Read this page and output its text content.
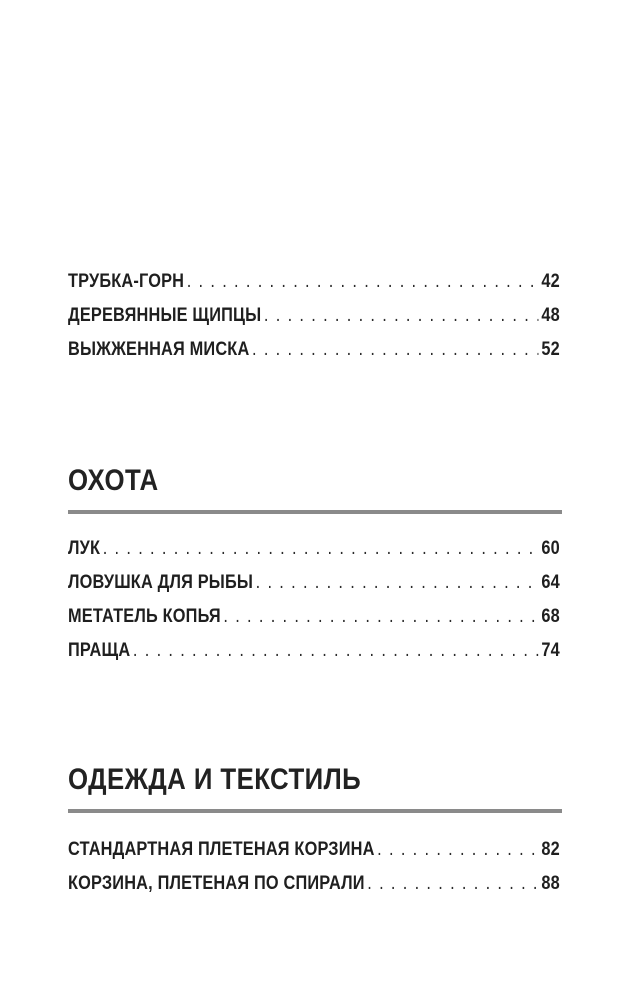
ТРУБКА-ГОРН . . .	42
ДЕРЕВЯННЫЕ ЩИПЦЫ . . .	48
ВЫЖЖЕННАЯ МИСКА . . .	52
ОХОТА
ЛУК . . .	60
ЛОВУШКА ДЛЯ РЫБЫ . . .	64
МЕТАТЕЛЬ КОПЬЯ . . .	68
ПРАЩА . . .	74
ОДЕЖДА И ТЕКСТИЛЬ
СТАНДАРТНАЯ ПЛЕТЕНАЯ КОРЗИНА . . .	82
КОРЗИНА, ПЛЕТЕНАЯ ПО СПИРАЛИ . . .	88
